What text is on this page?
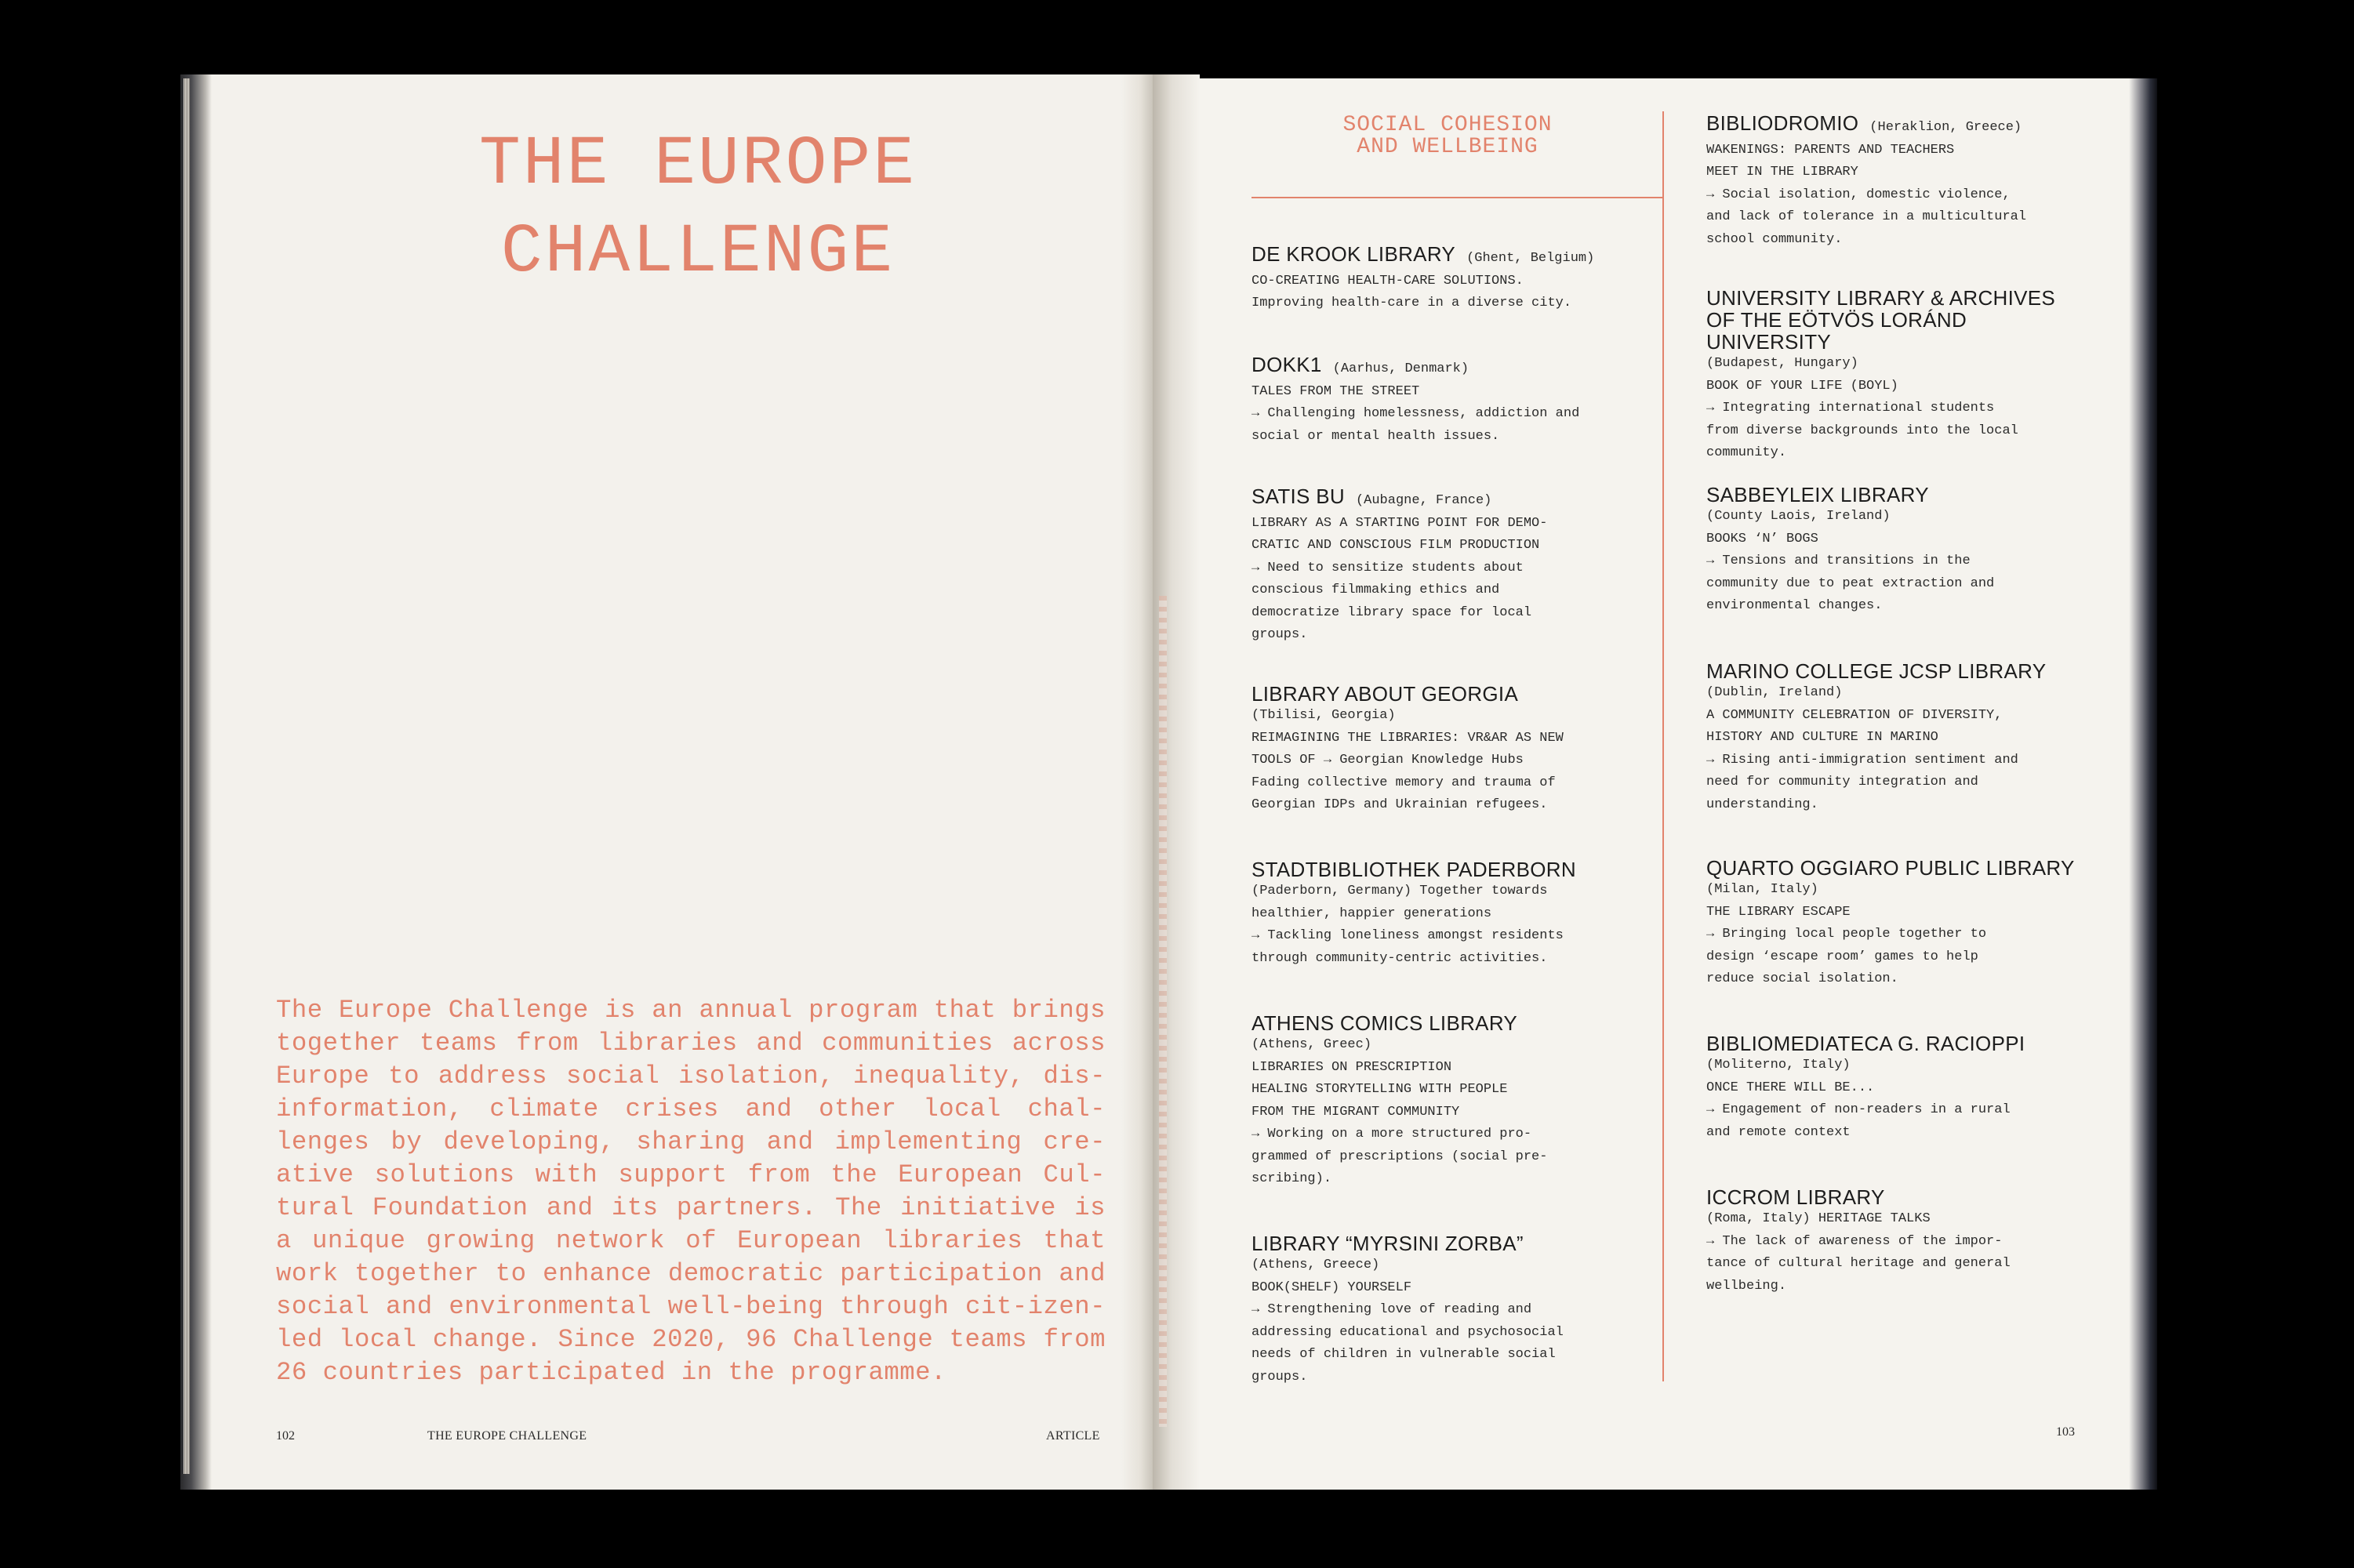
THE EUROPE
CHALLENGE

The Europe Challenge is an annual program that brings together teams from libraries and communities across Europe to address social isolation, inequality, dis-information, climate crises and other local chal-lenges by developing, sharing and implementing cre-ative solutions with support from the European Cul-tural Foundation and its partners. The initiative is a unique growing network of European libraries that work together to enhance democratic participation and social and environmental well-being through cit-izen-led local change. Since 2020, 96 Challenge teams from 26 countries participated in the programme.

102	THE EUROPE CHALLENGE	ARTICLE
SOCIAL COHESION
AND WELLBEING
DE KROOK LIBRARY (Ghent, Belgium)

CO-CREATING HEALTH-CARE SOLUTIONS.
Improving health-care in a diverse city.

DOKK1 (Aarhus, Denmark)

TALES FROM THE STREET
→ Challenging homelessness, addiction and
social or mental health issues.

SATIS BU (Aubagne, France)

LIBRARY AS A STARTING POINT FOR DEMO-
CRATIC AND CONSCIOUS FILM PRODUCTION
→ Need to sensitize students about
conscious filmmaking ethics and
democratize library space for local
groups.

LIBRARY ABOUT GEORGIA

(Tbilisi, Georgia)
REIMAGINING THE LIBRARIES: VR&AR AS NEW
TOOLS OF → Georgian Knowledge Hubs
Fading collective memory and trauma of
Georgian IDPs and Ukrainian refugees.

STADTBIBLIOTHEK PADERBORN

(Paderborn, Germany) Together towards
healthier, happier generations
→ Tackling loneliness amongst residents
through community-centric activities.

ATHENS COMICS LIBRARY

(Athens, Greec)
LIBRARIES ON PRESCRIPTION
HEALING STORYTELLING WITH PEOPLE
FROM THE MIGRANT COMMUNITY
→ Working on a more structured pro-
grammed of prescriptions (social pre-
scribing).

LIBRARY “MYRSINI ZORBA”

(Athens, Greece)
BOOK(SHELF) YOURSELF
→ Strengthening love of reading and
addressing educational and psychosocial
needs of children in vulnerable social
groups.

BIBLIODROMIO (Heraklion, Greece)

WAKENINGS: PARENTS AND TEACHERS
MEET IN THE LIBRARY
→ Social isolation, domestic violence,
and lack of tolerance in a multicultural
school community.

UNIVERSITY LIBRARY & ARCHIVES
OF THE EÖTVÖS LORÁND UNIVERSITY

(Budapest, Hungary)
BOOK OF YOUR LIFE (BOYL)
→ Integrating international students
from diverse backgrounds into the local
community.

SABBEYLEIX LIBRARY

(County Laois, Ireland)
BOOKS ‘N’ BOGS
→ Tensions and transitions in the
community due to peat extraction and
environmental changes.

MARINO COLLEGE JCSP LIBRARY

(Dublin, Ireland)
A COMMUNITY CELEBRATION OF DIVERSITY,
HISTORY AND CULTURE IN MARINO
→ Rising anti-immigration sentiment and
need for community integration and
understanding.

QUARTO OGGIARO PUBLIC LIBRARY

(Milan, Italy)
THE LIBRARY ESCAPE
→ Bringing local people together to
design ‘escape room’ games to help
reduce social isolation.

BIBLIOMEDIATECA G. RACIOPPI

(Moliterno, Italy)
ONCE THERE WILL BE...
→ Engagement of non-readers in a rural
and remote context

ICCROM LIBRARY

(Roma, Italy) HERITAGE TALKS
→ The lack of awareness of the impor-
tance of cultural heritage and general
wellbeing.

103
